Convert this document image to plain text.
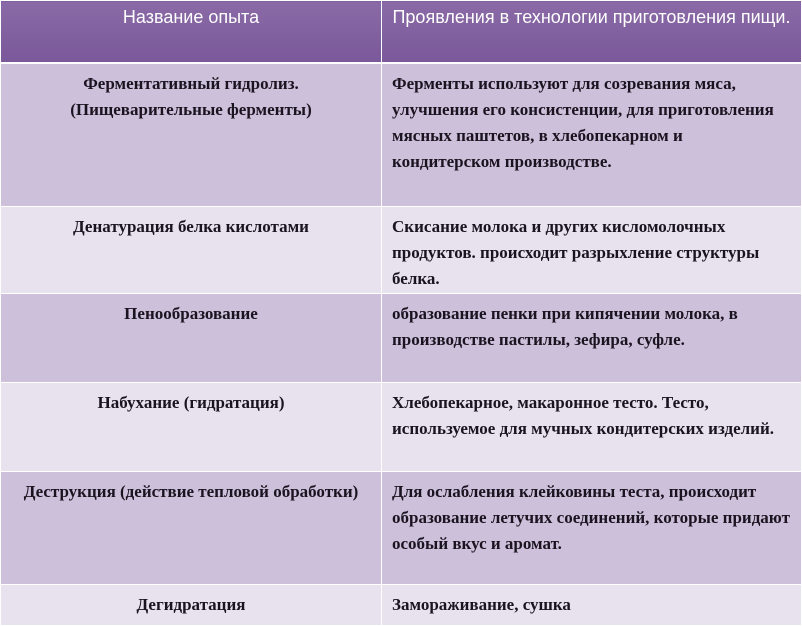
Название опыта	Проявления в технологии приготовления пищи.

Ферментативный гидролиз. (Пищеварительные ферменты)	Ферменты используют для созревания мяса, улучшения его консистенции, для приготовления мясных паштетов, в хлебопекарном и кондитерском производстве.

Денатурация белка кислотами	Скисание молока и других кисломолочных продуктов. происходит разрыхление структуры белка.

Пенообразование	образование пенки при кипячении молока, в производстве пастилы, зефира, суфле.

Набухание (гидратация)	Хлебопекарное, макаронное тесто. Тесто, используемое для мучных кондитерских изделий.

Деструкция (действие тепловой обработки)	Для ослабления клейковины теста, происходит образование летучих соединений, которые придают особый вкус и аромат.

Дегидратация	Замораживание, сушка
